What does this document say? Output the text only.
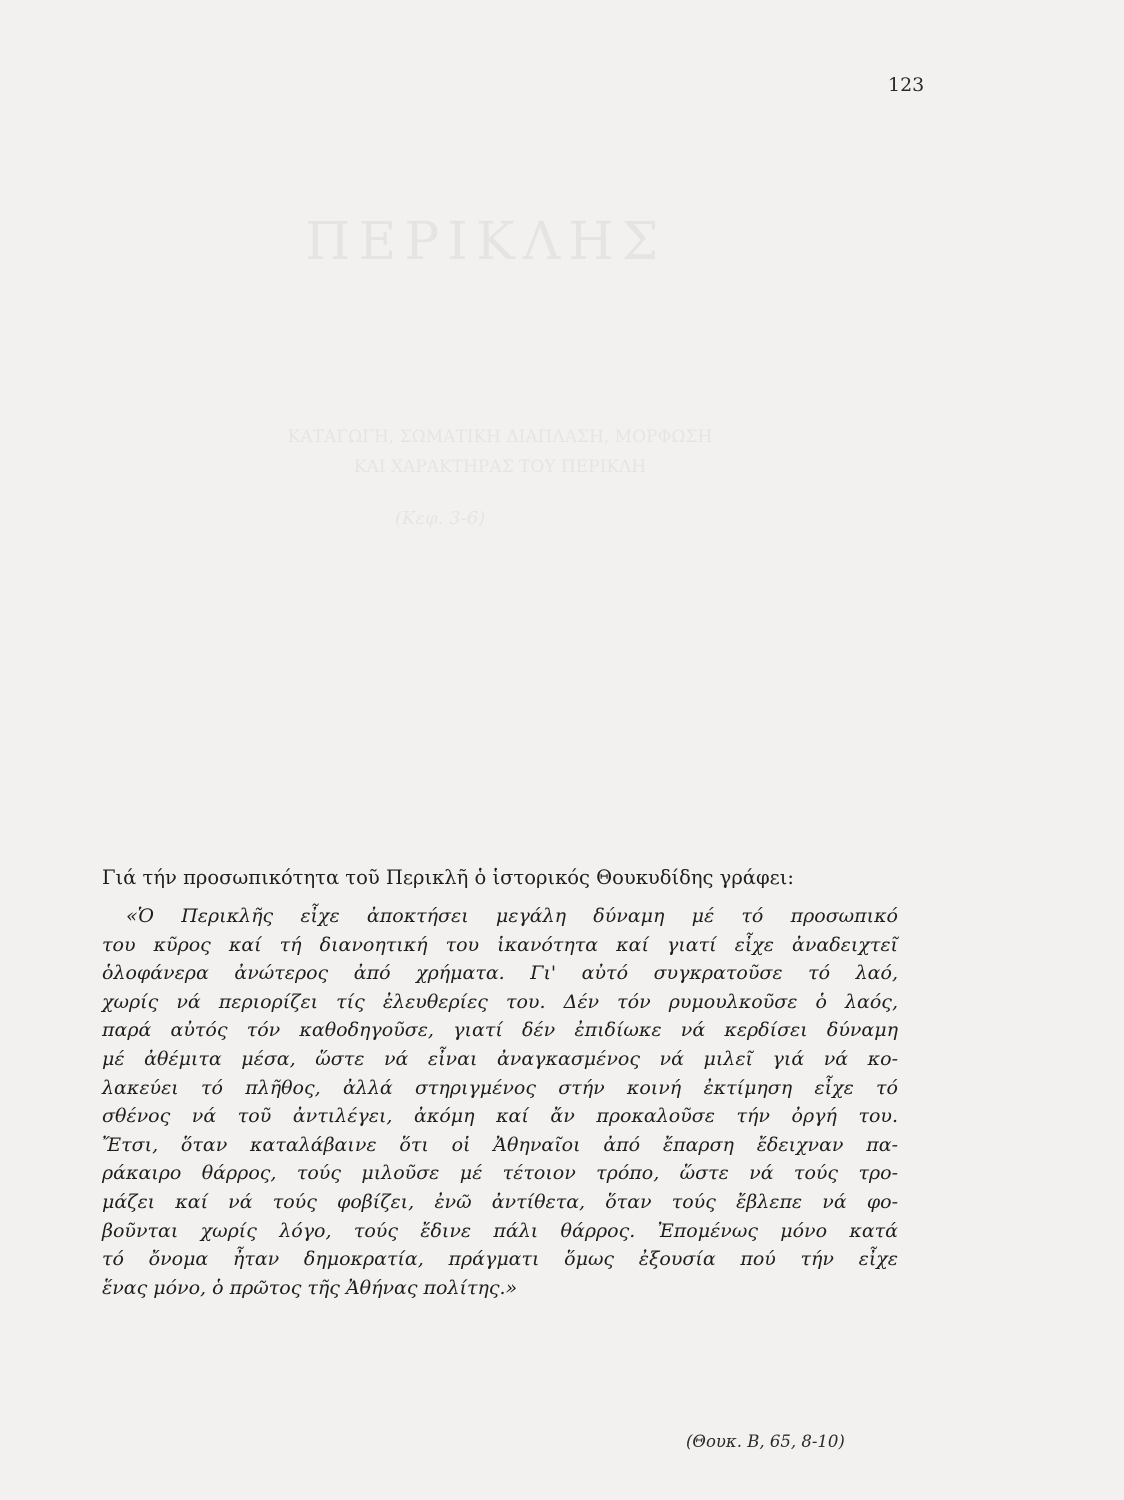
ΠΕΡΙΚΛΗΣ
ΚΑΤΑΓΩΓΗ, ΣΩΜΑΤΙΚΗ ΔΙΑΠΛΑΣΗ, ΜΟΡΦΩΣΗ
ΚΑΙ ΧΑΡΑΚΤΗΡΑΣ ΤΟΥ ΠΕΡΙΚΛΗ
(Κεφ. 3-6)
123

Γιά τήν προσωπικότητα τοῦ Περικλῆ ὁ ἱστορικός Θουκυδίδης γράφει:

«Ὁ Περικλῆς εἶχε ἀποκτήσει μεγάλη δύναμη μέ τό προσωπικό
του κῦρος καί τή διανοητική του ἱκανότητα καί γιατί εἶχε ἀναδειχτεῖ
ὁλοφάνερα ἀνώτερος ἀπό χρήματα. Γι' αὐτό συγκρατοῦσε τό λαό,
χωρίς νά περιορίζει τίς ἐλευθερίες του. Δέν τόν ρυμουλκοῦσε ὁ λαός,
παρά αὐτός τόν καθοδηγοῦσε, γιατί δέν ἐπιδίωκε νά κερδίσει δύναμη
μέ ἀθέμιτα μέσα, ὥστε νά εἶναι ἀναγκασμένος νά μιλεῖ γιά νά κο-
λακεύει τό πλῆθος, ἀλλά στηριγμένος στήν κοινή ἐκτίμηση εἶχε τό
σθένος νά τοῦ ἀντιλέγει, ἀκόμη καί ἄν προκαλοῦσε τήν ὀργή του.
Ἔτσι, ὅταν καταλάβαινε ὅτι οἱ Ἀθηναῖοι ἀπό ἔπαρση ἔδειχναν πα-
ράκαιρο θάρρος, τούς μιλοῦσε μέ τέτοιον τρόπο, ὥστε νά τούς τρο-
μάζει καί νά τούς φοβίζει, ἐνῶ ἀντίθετα, ὅταν τούς ἔβλεπε νά φο-
βοῦνται χωρίς λόγο, τούς ἔδινε πάλι θάρρος. Ἐπομένως μόνο κατά
τό ὄνομα ἦταν δημοκρατία, πράγματι ὅμως ἐξουσία πού τήν εἶχε
ἕνας μόνο, ὁ πρῶτος τῆς Ἀθήνας πολίτης.»

(Θουκ. Β, 65, 8-10)
